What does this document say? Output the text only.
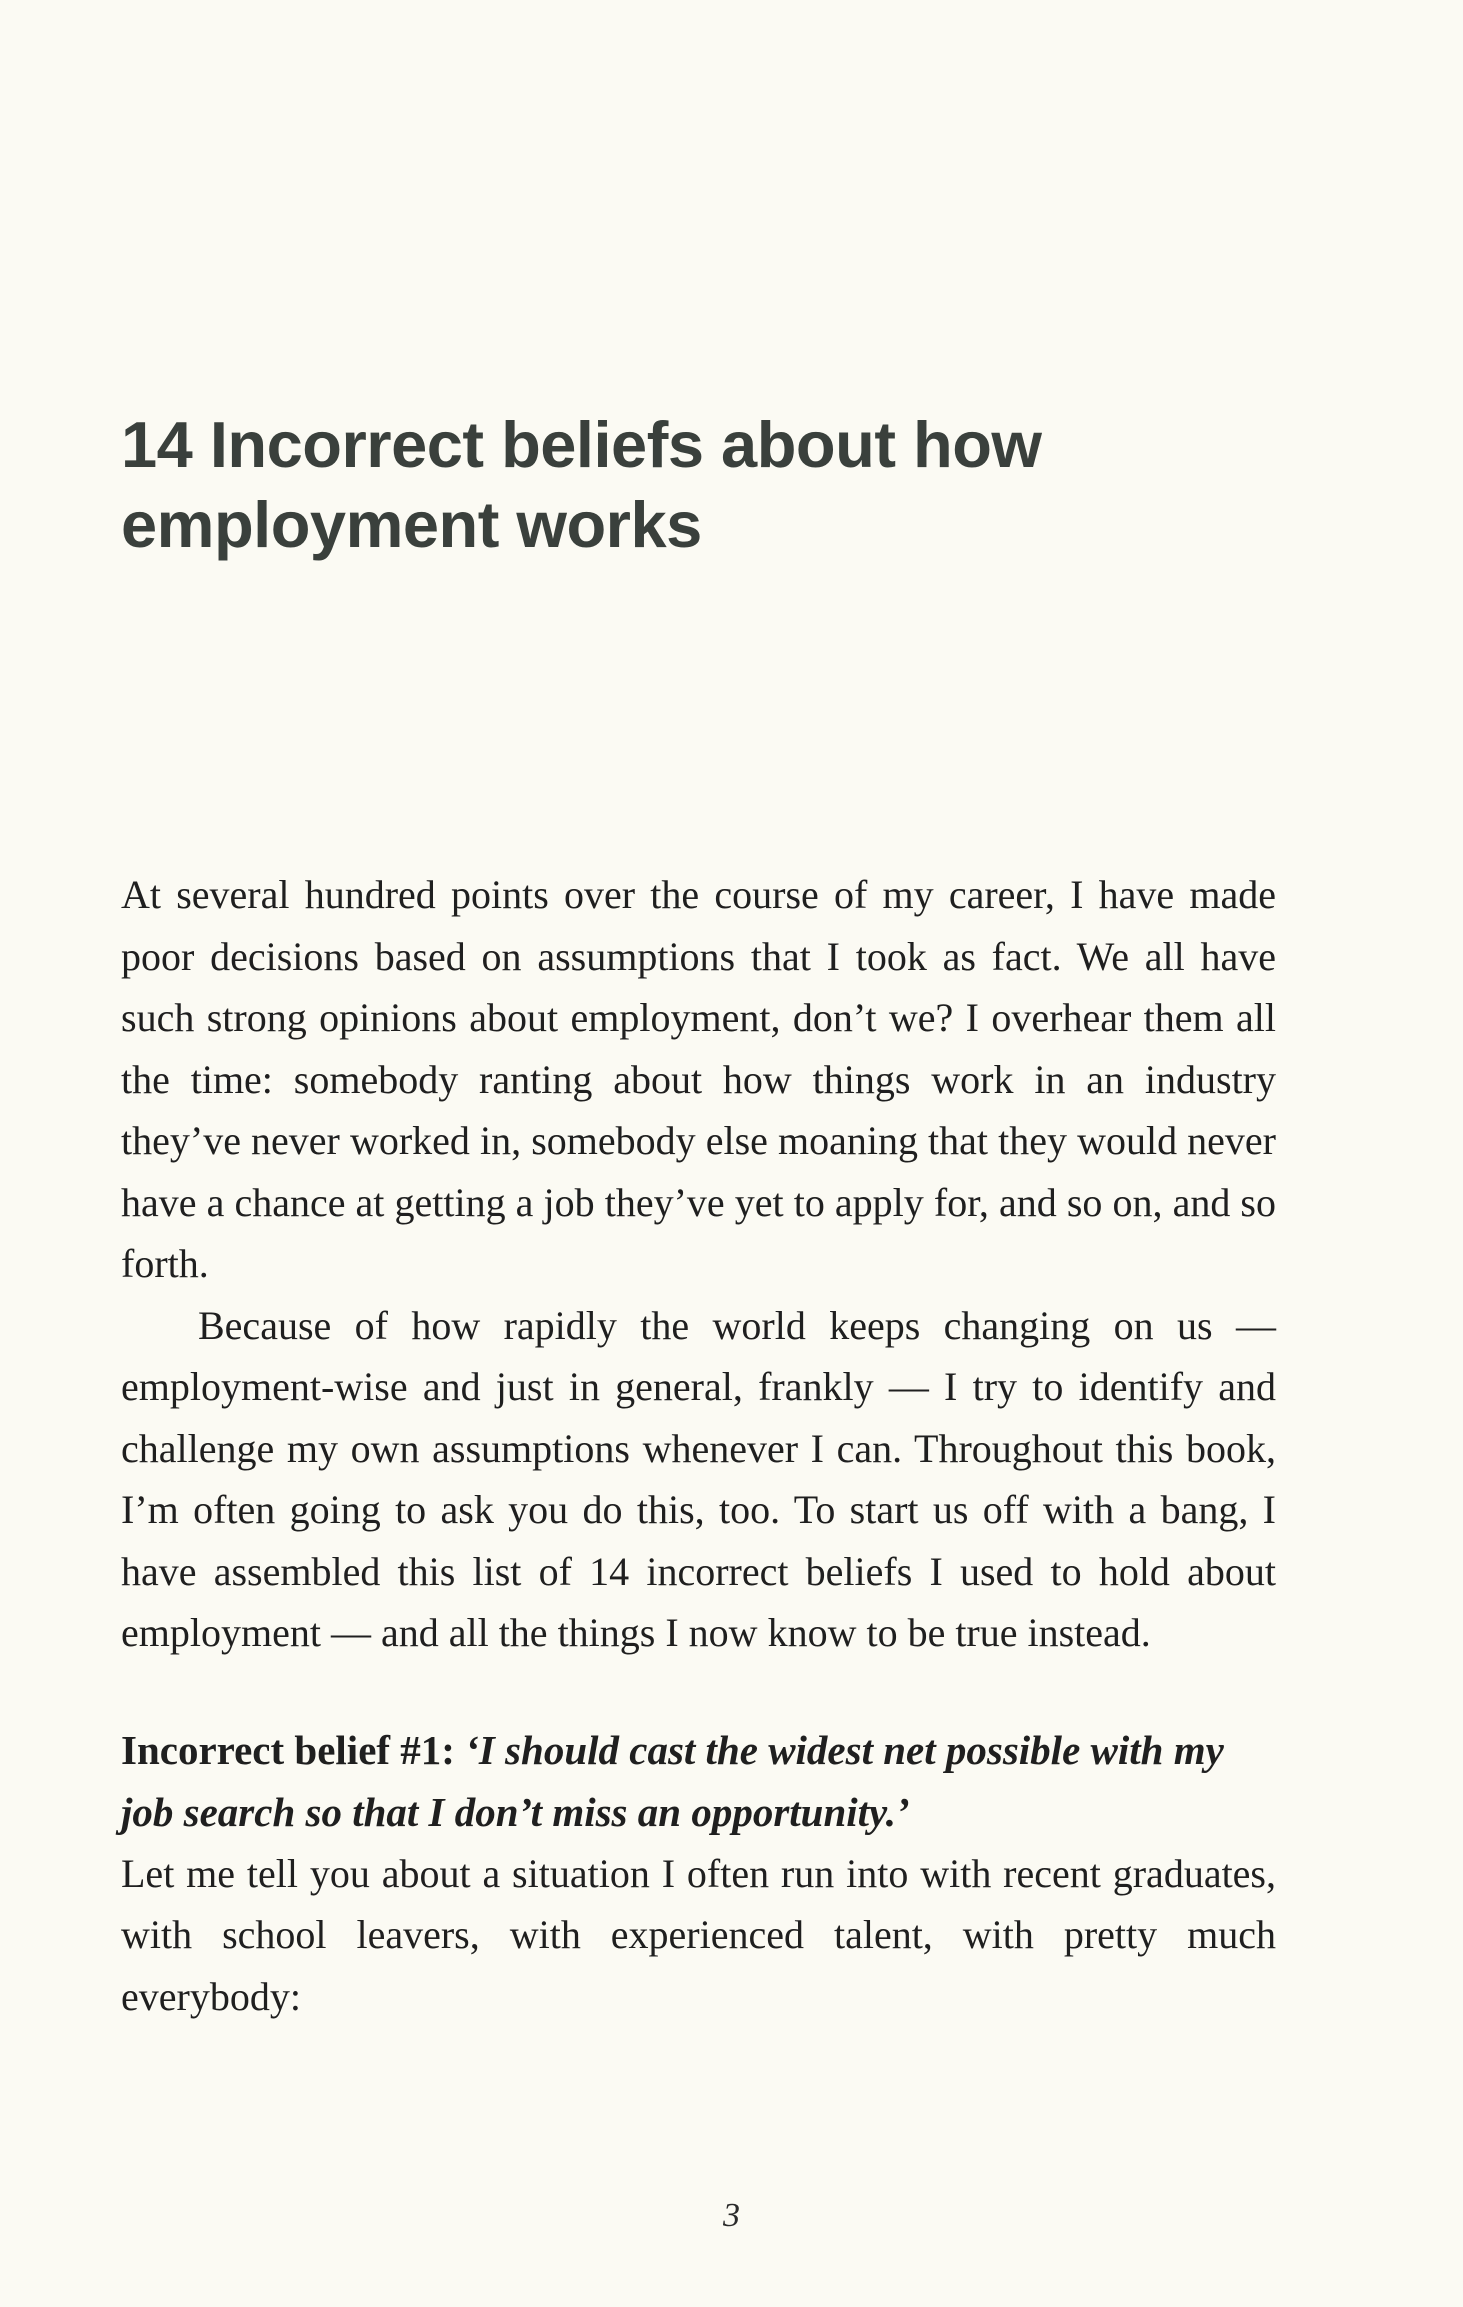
14 Incorrect beliefs about how
employment works

At several hundred points over the course of my career, I have made poor decisions based on assumptions that I took as fact. We all have such strong opinions about employment, don’t we? I overhear them all the time: somebody ranting about how things work in an industry they’ve never worked in, somebody else moaning that they would never have a chance at getting a job they’ve yet to apply for, and so on, and so forth.

Because of how rapidly the world keeps changing on us — employment-wise and just in general, frankly — I try to identify and challenge my own assumptions whenever I can. Throughout this book, I’m often going to ask you do this, too. To start us off with a bang, I have assembled this list of 14 incorrect beliefs I used to hold about employment — and all the things I now know to be true instead.

Incorrect belief #1: ‘I should cast the widest net possible with my job search so that I don’t miss an opportunity.’

Let me tell you about a situation I often run into with recent graduates, with school leavers, with experienced talent, with pretty much everybody:

3
